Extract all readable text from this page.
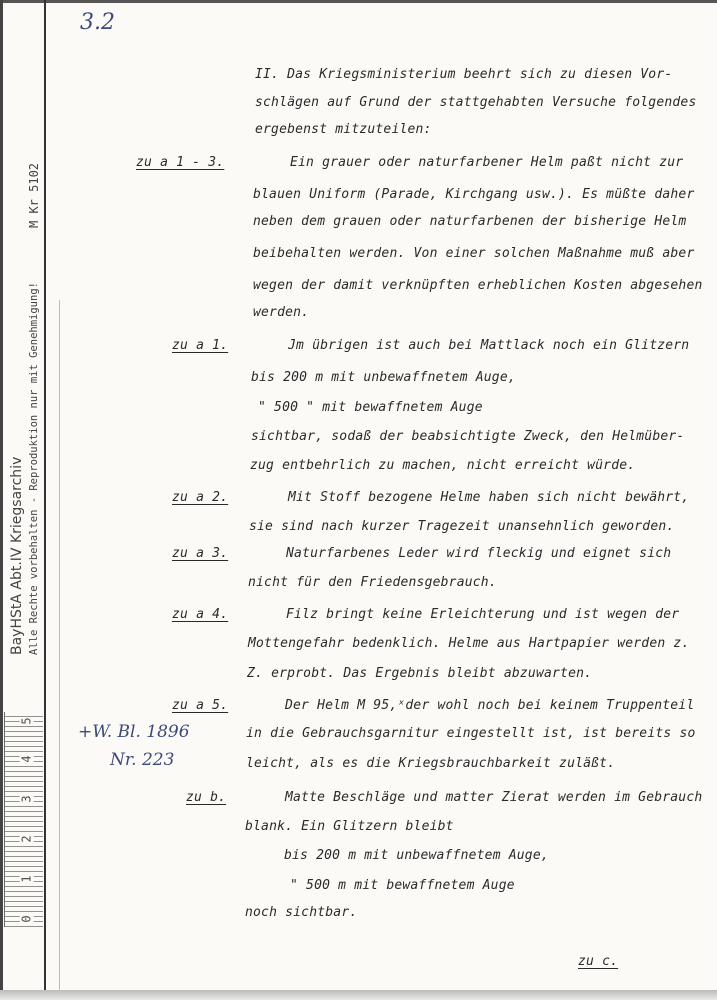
M Kr 5102
BayHStA Abt.IV Kriegsarchiv Alle Rechte vorbehalten - Reproduktion nur mit Genehmigung!
0
1
2
3
4
5
3.2
+W. Bl. 1896
Nr. 223
zu a 1 - 3.
zu a 1.
zu a 2.
zu a 3.
zu a 4.
zu a 5.
zu b.
zu c.
II. Das Kriegsministerium beehrt sich zu diesen Vor-
schlägen auf Grund der stattgehabten Versuche folgendes
ergebenst mitzuteilen:
Ein grauer oder naturfarbener Helm paßt nicht zur
blauen Uniform (Parade, Kirchgang usw.). Es müßte daher
neben dem grauen oder naturfarbenen der bisherige Helm
beibehalten werden. Von einer solchen Maßnahme muß aber
wegen der damit verknüpften erheblichen Kosten abgesehen
werden.
Jm übrigen ist auch bei Mattlack noch ein Glitzern
bis 200 m mit unbewaffnetem Auge,
" 500 " mit bewaffnetem Auge
sichtbar, sodaß der beabsichtigte Zweck, den Helmüber-
zug entbehrlich zu machen, nicht erreicht würde.
Mit Stoff bezogene Helme haben sich nicht bewährt,
sie sind nach kurzer Tragezeit unansehnlich geworden.
Naturfarbenes Leder wird fleckig und eignet sich
nicht für den Friedensgebrauch.
Filz bringt keine Erleichterung und ist wegen der
Mottengefahr bedenklich. Helme aus Hartpapier werden z.
Z. erprobt. Das Ergebnis bleibt abzuwarten.
Der Helm M 95,ˣder wohl noch bei keinem Truppenteil
in die Gebrauchsgarnitur eingestellt ist, ist bereits so
leicht, als es die Kriegsbrauchbarkeit zuläßt.
Matte Beschläge und matter Zierat werden im Gebrauch
blank. Ein Glitzern bleibt
bis 200 m mit unbewaffnetem Auge,
" 500 m mit bewaffnetem Auge
noch sichtbar.
